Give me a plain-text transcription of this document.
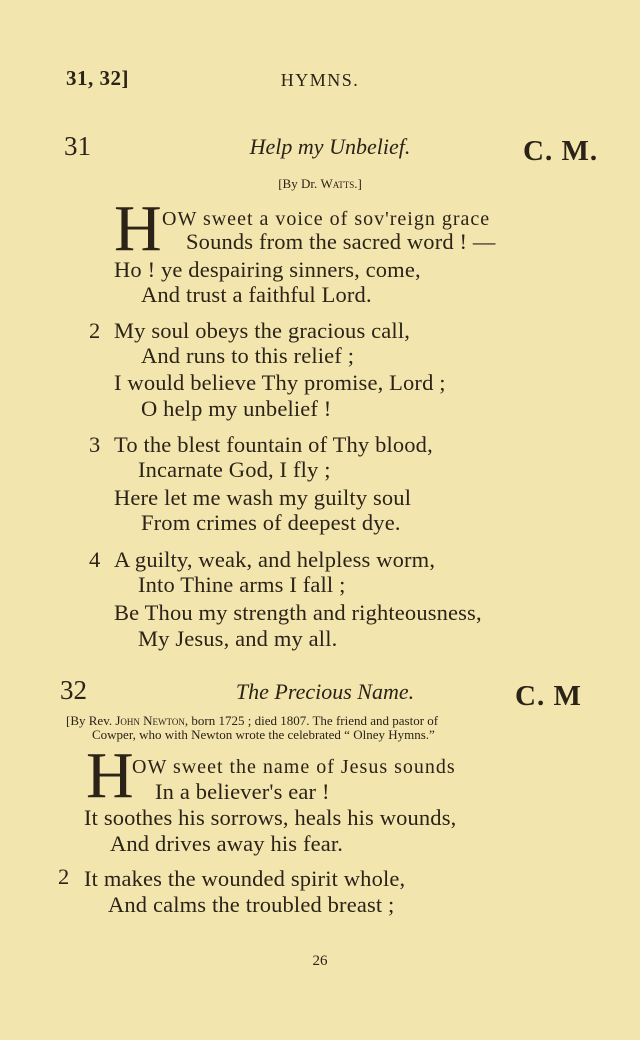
31, 32]	HYMNS.
31	Help my Unbelief.	C. M.
[By Dr. Watts.]
H OW sweet a voice of sov'reign grace
Sounds from the sacred word ! —
Ho ! ye despairing sinners, come,
And trust a faithful Lord.
2 My soul obeys the gracious call,
And runs to this relief ;
I would believe Thy promise, Lord ;
O help my unbelief !
3 To the blest fountain of Thy blood,
Incarnate God, I fly ;
Here let me wash my guilty soul
From crimes of deepest dye.
4 A guilty, weak, and helpless worm,
Into Thine arms I fall ;
Be Thou my strength and righteousness,
My Jesus, and my all.
32	The Precious Name.	C. M
[By Rev. John Newton, born 1725 ; died 1807. The friend and pastor of
Cowper, who with Newton wrote the celebrated “ Olney Hymns.”
H
OW sweet the name of Jesus sounds
In a believer's ear !
It soothes his sorrows, heals his wounds,
And drives away his fear.
2 It makes the wounded spirit whole,
And calms the troubled breast ;
26
